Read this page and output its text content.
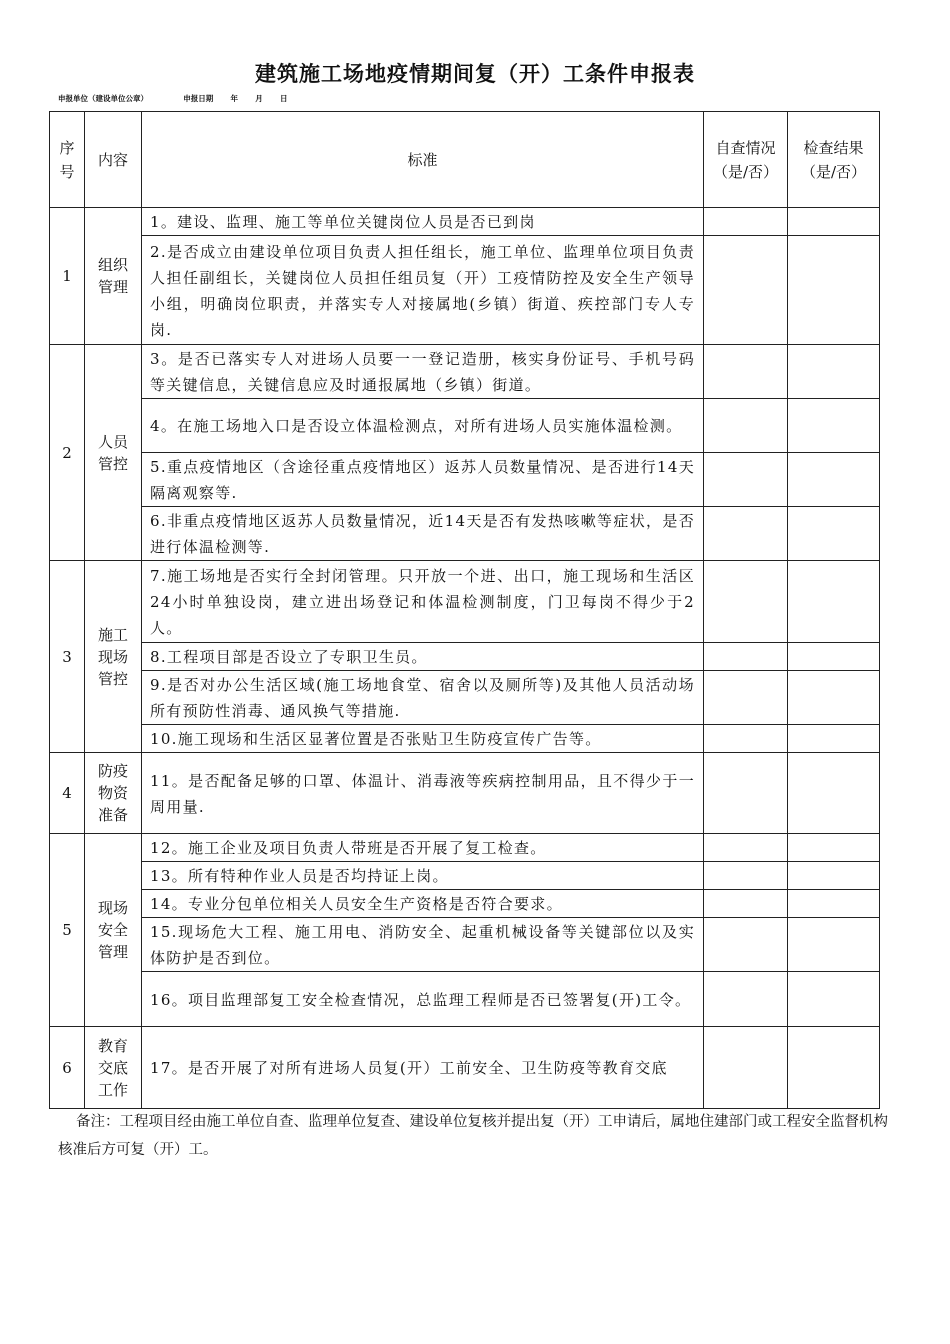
建筑施工场地疫情期间复（开）工条件申报表
申报单位（建设单位公章）	申报日期 年 月 日
序号	内容	标准	自查情况（是/否）	检查结果（是/否）

1	组织管理	1。建设、监理、施工等单位关键岗位人员是否已到岗		
		2.是否成立由建设单位项目负责人担任组长，施工单位、监理单位项目负责人担任副组长，关键岗位人员担任组员复（开）工疫情防控及安全生产领导小组，明确岗位职责，并落实专人对接属地(乡镇）街道、疾控部门专人专岗.		
2	人员管控	3。是否已落实专人对进场人员要一一登记造册，核实身份证号、手机号码等关键信息，关键信息应及时通报属地（乡镇）街道。		
		4。在施工场地入口是否设立体温检测点，对所有进场人员实施体温检测。		
		5.重点疫情地区（含途径重点疫情地区）返苏人员数量情况、是否进行14天隔离观察等.		
		6.非重点疫情地区返苏人员数量情况，近14天是否有发热咳嗽等症状，是否进行体温检测等.		
3	施工现场管控	7.施工场地是否实行全封闭管理。只开放一个进、出口，施工现场和生活区24小时单独设岗，建立进出场登记和体温检测制度，门卫每岗不得少于2人。		
		8.工程项目部是否设立了专职卫生员。		
		9.是否对办公生活区域(施工场地食堂、宿舍以及厕所等)及其他人员活动场所有预防性消毒、通风换气等措施.		
		10.施工现场和生活区显著位置是否张贴卫生防疫宣传广告等。		
4	防疫物资准备	11。是否配备足够的口罩、体温计、消毒液等疾病控制用品，且不得少于一周用量.		
5	现场安全管理	12。施工企业及项目负责人带班是否开展了复工检查。		
		13。所有特种作业人员是否均持证上岗。		
		14。专业分包单位相关人员安全生产资格是否符合要求。		
		15.现场危大工程、施工用电、消防安全、起重机械设备等关键部位以及实体防护是否到位。		
		16。项目监理部复工安全检查情况，总监理工程师是否已签署复(开)工令。		
6	教育交底工作	17。是否开展了对所有进场人员复(开）工前安全、卫生防疫等教育交底		
备注：工程项目经由施工单位自查、监理单位复查、建设单位复核并提出复（开）工申请后，属地住建部门或工程安全监督机构核准后方可复（开）工。
